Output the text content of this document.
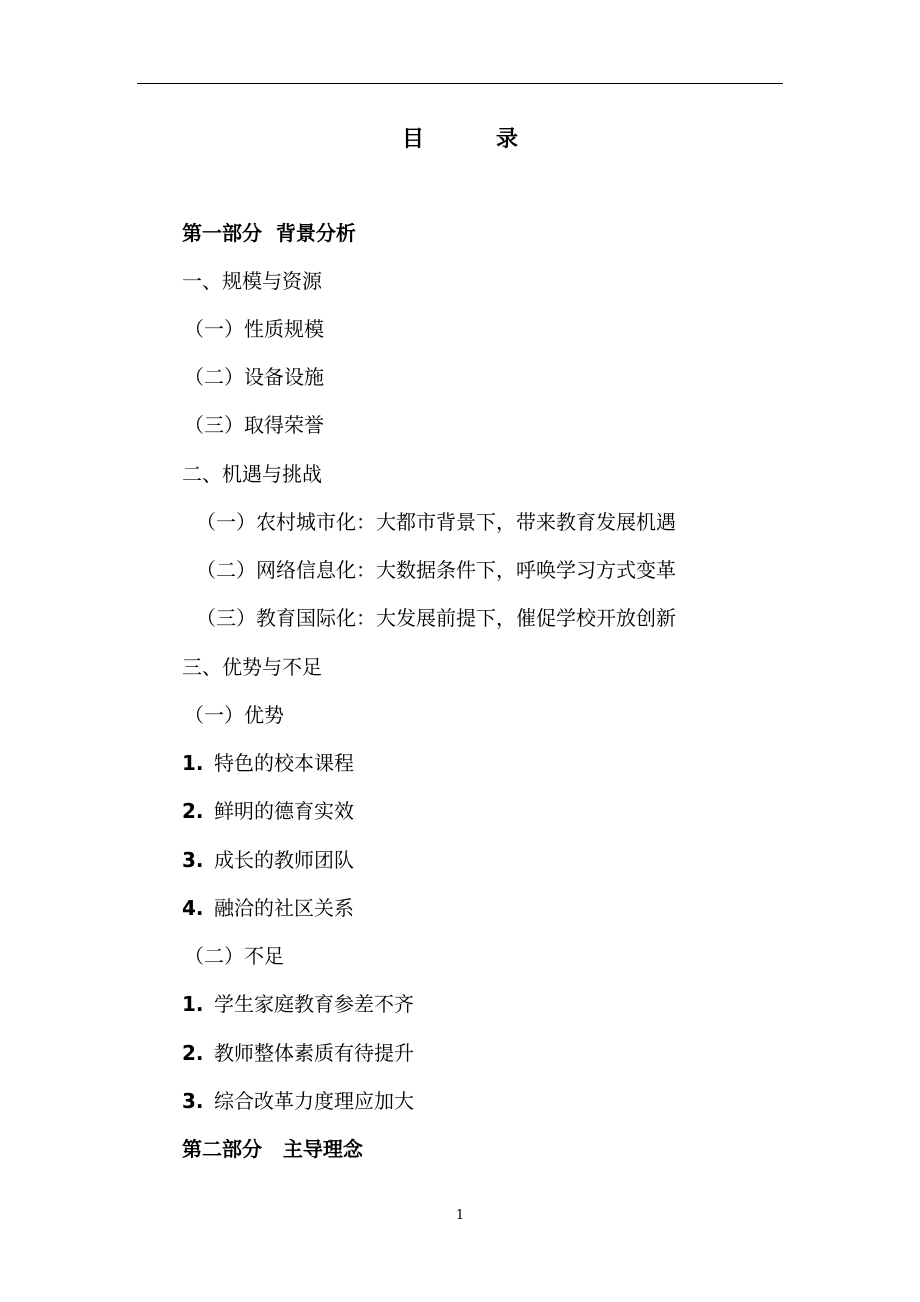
目	录
第一部分  背景分析
一、规模与资源
（一）性质规模
（二）设备设施
（三）取得荣誉
二、机遇与挑战
（一）农村城市化：大都市背景下，带来教育发展机遇
（二）网络信息化：大数据条件下，呼唤学习方式变革
（三）教育国际化：大发展前提下，催促学校开放创新
三、优势与不足
（一）优势
1. 特色的校本课程
2. 鲜明的德育实效
3. 成长的教师团队
4. 融洽的社区关系
（二）不足
1. 学生家庭教育参差不齐
2. 教师整体素质有待提升
3. 综合改革力度理应加大
第二部分   主导理念
1
